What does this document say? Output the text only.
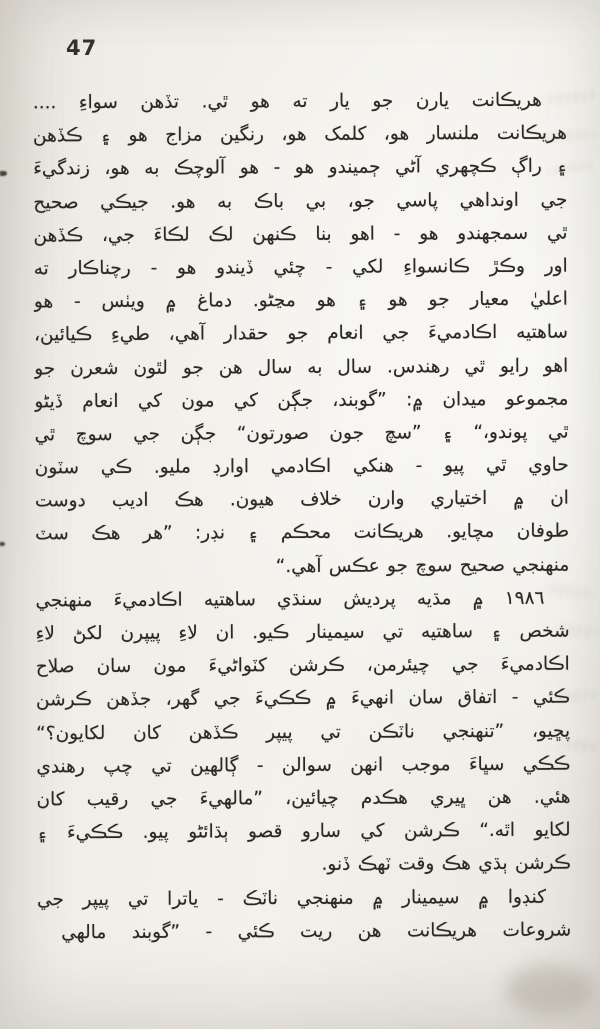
47
هريڪانت يارن جو يار ته هو ٿي. تڏهن سواءِ ....
هريڪانت ملنسار هو، کلمک هو، رنگين مزاج هو ۽ ڪڏهن
۽ راڳ ڪچهري آڻي ڄميندو هو - هو آلوچڪ به هو، زندگيءَ
جي اونداهي پاسي جو، بي باڪ به هو. جيڪي صحيح
ٿي سمجهندو هو - اهو بنا ڪنهن لڪ لڪاءَ جي، ڪڏهن
اور وڪڙ ڪانسواءِ لکي - چئي ڏيندو هو - رچناڪار ته
اعليٰ معيار جو هو ۽ هو مڃڻو. دماغ ۾ ويٺس - هو
ساهتيه اڪادميءَ جي انعام جو حقدار آهي، طيءِ ڪيائين،
اهو رايو ٿي رهندس. سال به سال هن جو لٿون شعرن جو
مجموعو ميدان ۾: ”گوبند، جڳن کي مون کي انعام ڏيڻو
ٿي پوندو،“ ۽ ”سچ جون صورتون“ جڳن جي سوچ ٿي
حاوي ٿي پيو - هنکي اڪادمي اوارڊ مليو. ڪي سٽون
ان ۾ اختياري وارن خلاف هيون. هڪ اديب دوست
طوفان مچايو. هريڪانت محڪم ۽ نڊر: ”هر هڪ سٽ
منهنجي صحيح سوچ جو عڪس آهي.“
١٩٨٦ ۾ مڌيه پرديش سنڌي ساهتيه اڪادميءَ منهنجي
شخص ۽ ساهتيه تي سيمينار ڪيو. ان لاءِ پيپرن لکڻ لاءِ
اڪادميءَ جي چيئرمن، ڪرشن کٽواڻيءَ مون سان صلاح
ڪئي - اتفاق سان انهيءَ ۾ ڪڪيءَ جي گهر، جڏهن ڪرشن
پڇيو، ”تنهنجي ناٽڪن تي پيپر ڪڏهن کان لکايون؟“
ڪڪي سڀاءَ موجب انهن سوالن - ڳالهين تي چپ رهندي
هئي. هن ڀيري هڪدم چيائين، ”مالهيءَ جي رقيب کان
لکايو اٿه.“ ڪرشن کي سارو قصو ٻڌائڻو پيو. ڪڪيءَ ۽
ڪرشن ٻڌي هڪ وقت ٽهڪ ڏنو.
کنڊوا ۾ سيمينار ۾ منهنجي ناٽڪ - ياترا تي پيپر جي
شروعات هريڪانت هن ريت ڪئي - ”گوبند مالهي
